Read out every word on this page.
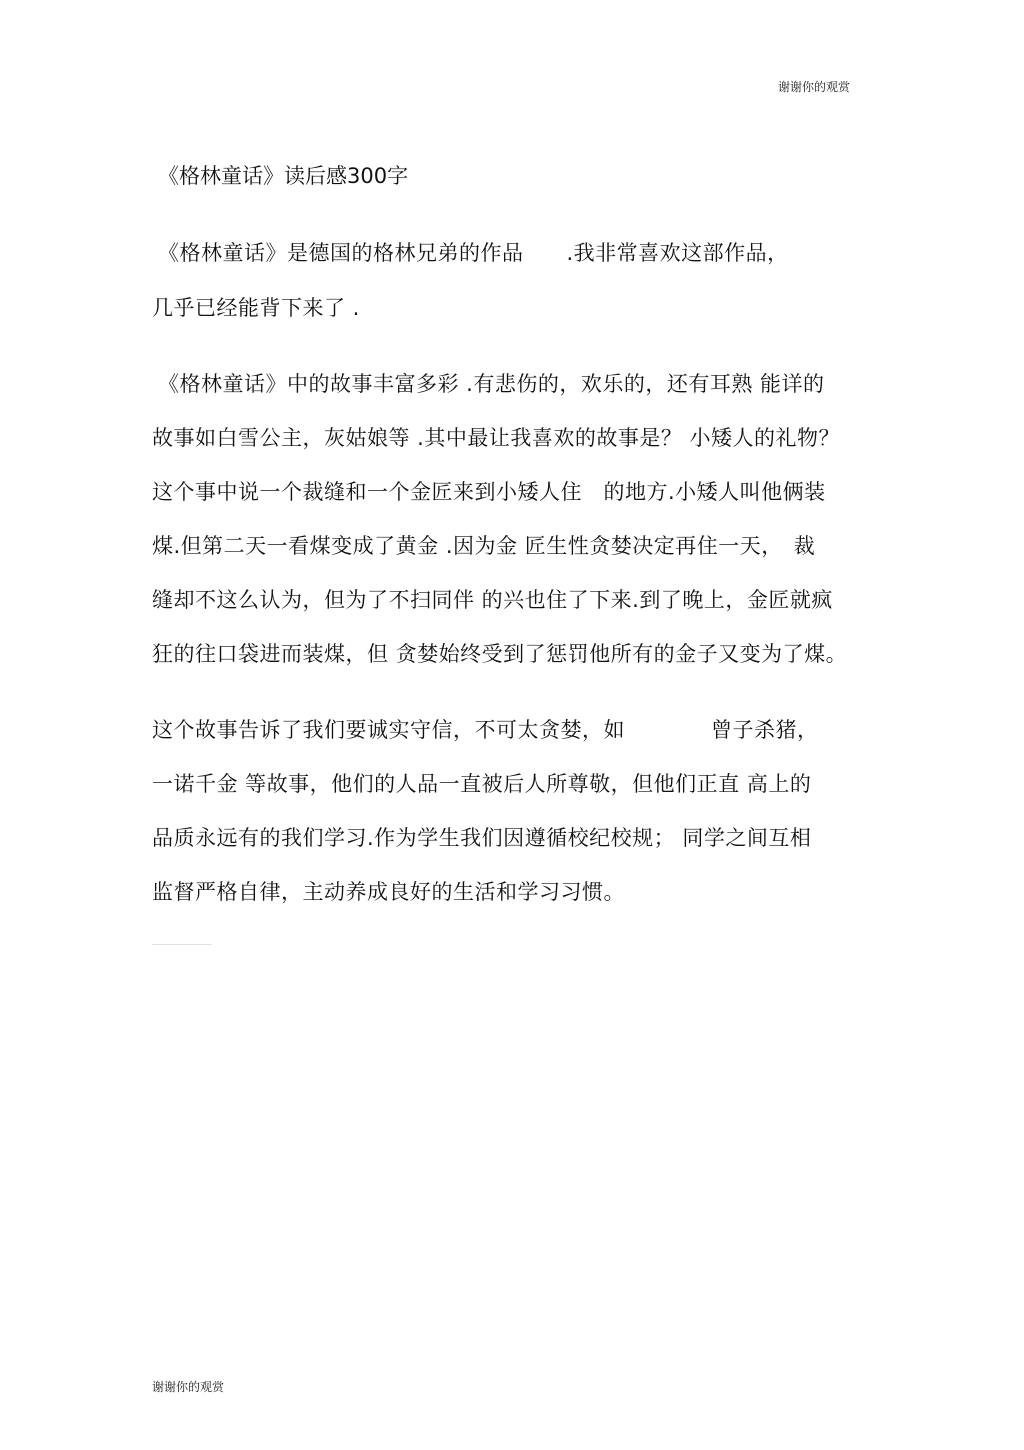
谢谢你的观赏
《格林童话》读后感300字
《格林童话》是德国的格林兄弟的作品　　.我非常喜欢这部作品，
几乎已经能背下来了 .
《格林童话》中的故事丰富多彩 .有悲伤的，欢乐的，还有耳熟 能详的
故事如白雪公主，灰姑娘等 .其中最让我喜欢的故事是？ 小矮人的礼物？
这个事中说一个裁缝和一个金匠来到小矮人住　的地方.小矮人叫他俩装
煤.但第二天一看煤变成了黄金 .因为金 匠生性贪婪决定再住一天，　裁
缝却不这么认为，但为了不扫同伴 的兴也住了下来.到了晚上，金匠就疯
狂的往口袋进而装煤，但 贪婪始终受到了惩罚他所有的金子又变为了煤。
这个故事告诉了我们要诚实守信，不可太贪婪，如　　　　曾子杀猪，
一诺千金 等故事，他们的人品一直被后人所尊敬，但他们正直 高上的
品质永远有的我们学习.作为学生我们因遵循校纪校规； 同学之间互相
监督严格自律，主动养成良好的生活和学习习惯。
谢谢你的观赏
